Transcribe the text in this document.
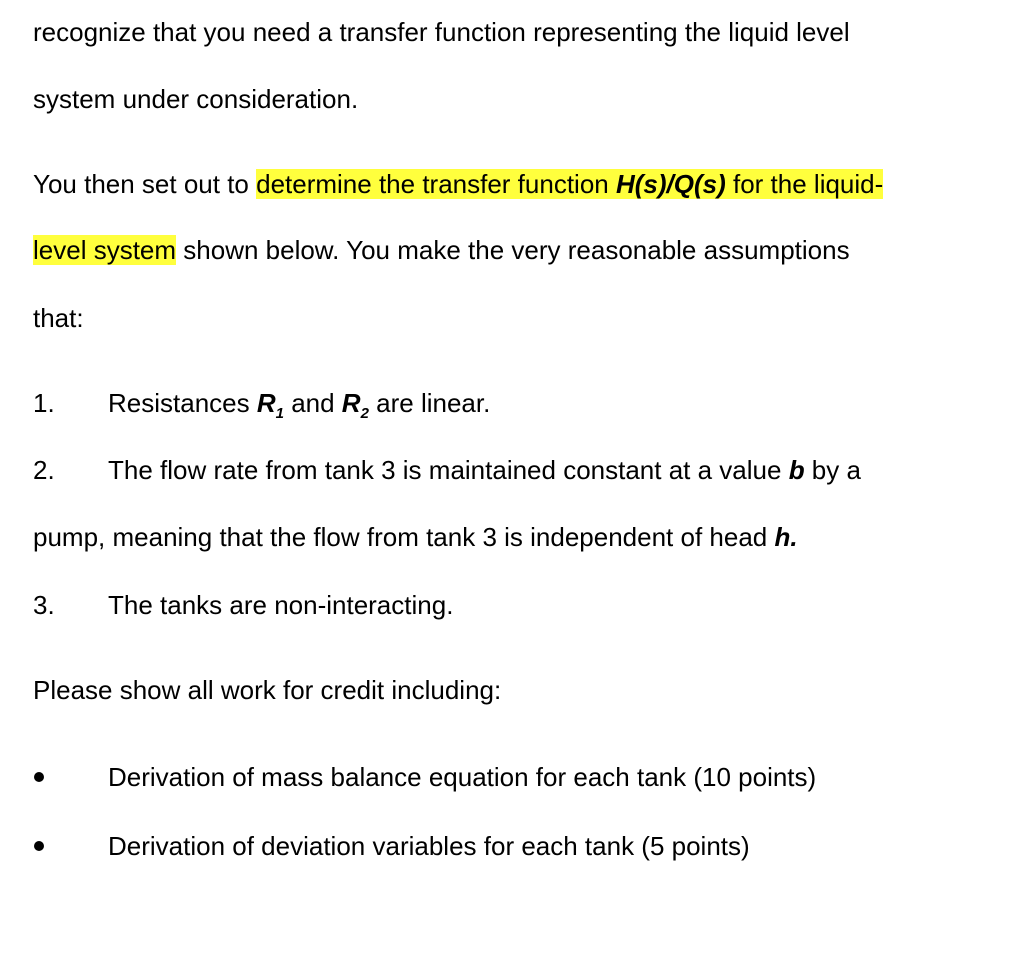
recognize that you need a transfer function representing the liquid level
system under consideration.
You then set out to determine the transfer function H(s)/Q(s) for the liquid-
level system shown below. You make the very reasonable assumptions
that:
1. Resistances $R_1$ and $R_2$ are linear.
2. The flow rate from tank 3 is maintained constant at a value b by a
pump, meaning that the flow from tank 3 is independent of head h.
3. The tanks are non-interacting.
Please show all work for credit including:
Derivation of mass balance equation for each tank (10 points)
Derivation of deviation variables for each tank (5 points)
